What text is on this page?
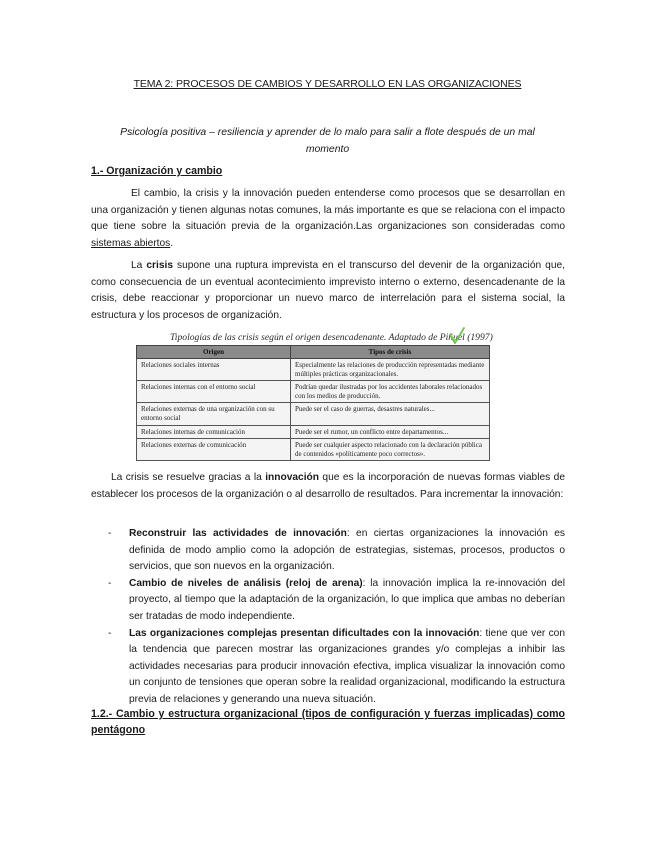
TEMA 2: PROCESOS DE CAMBIOS Y DESARROLLO EN LAS ORGANIZACIONES
Psicología positiva – resiliencia y aprender de lo malo para salir a flote después de un mal momento
1.- Organización y cambio
El cambio, la crisis y la innovación pueden entenderse como procesos que se desarrollan en una organización y tienen algunas notas comunes, la más importante es que se relaciona con el impacto que tiene sobre la situación previa de la organización.Las organizaciones son consideradas como sistemas abiertos.
La crisis supone una ruptura imprevista en el transcurso del devenir de la organización que, como consecuencia de un eventual acontecimiento imprevisto interno o externo, desencadenante de la crisis, debe reaccionar y proporcionar un nuevo marco de interrelación para el sistema social, la estructura y los procesos de organización.
Tipologías de las crisis según el origen desencadenante. Adaptado de Piñuel (1997)
Origen	Tipos de crisis
Relaciones sociales internas	Especialmente las relaciones de producción representadas mediante múltiples prácticas organizacionales.
Relaciones internas con el entorno social	Podrían quedar ilustradas por los accidentes laborales relacionados con los medios de producción.
Relaciones externas de una organización con su entorno social	Puede ser el caso de guerras, desastres naturales...
Relaciones internas de comunicación	Puede ser el rumor, un conflicto entre departamentos...
Relaciones externas de comunicación	Puede ser cualquier aspecto relacionado con la declaración pública de contenidos «políticamente poco correctos».
La crisis se resuelve gracias a la innovación que es la incorporación de nuevas formas viables de establecer los procesos de la organización o al desarrollo de resultados. Para incrementar la innovación:
- Reconstruir las actividades de innovación: en ciertas organizaciones la innovación es definida de modo amplio como la adopción de estrategias, sistemas, procesos, productos o servicios, que son nuevos en la organización.
- Cambio de niveles de análisis (reloj de arena): la innovación implica la re-innovación del proyecto, al tiempo que la adaptación de la organización, lo que implica que ambas no deberían ser tratadas de modo independiente.
- Las organizaciones complejas presentan dificultades con la innovación: tiene que ver con la tendencia que parecen mostrar las organizaciones grandes y/o complejas a inhibir las actividades necesarias para producir innovación efectiva, implica visualizar la innovación como un conjunto de tensiones que operan sobre la realidad organizacional, modificando la estructura previa de relaciones y generando una nueva situación.
1.2.- Cambio y estructura organizacional (tipos de configuración y fuerzas implicadas) como pentágono
